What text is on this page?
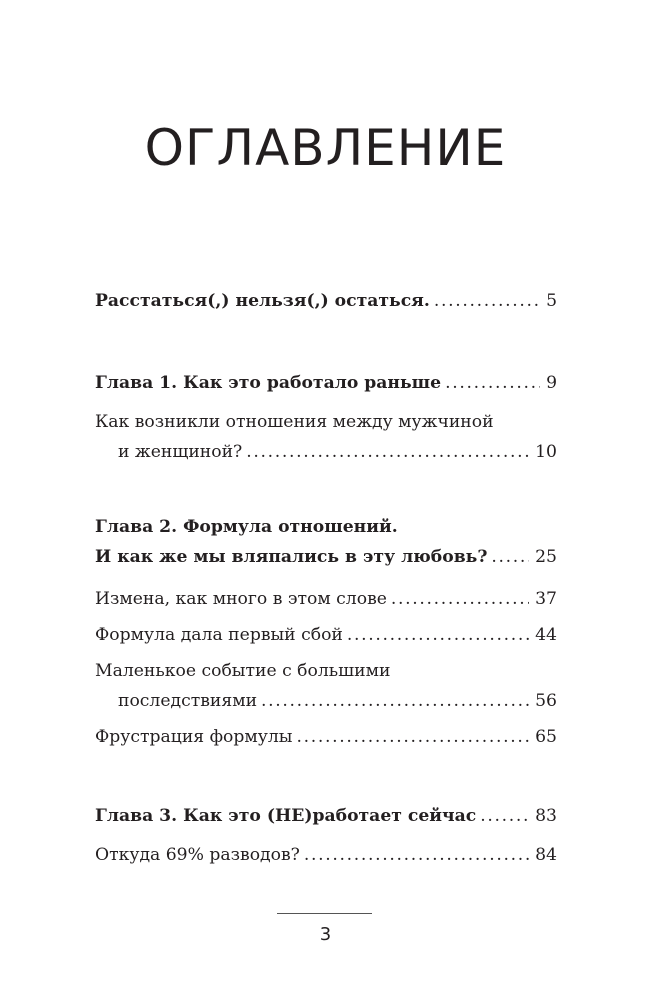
ОГЛАВЛЕНИЕ
Расстаться(,) нельзя(,) остаться. . . .	5
Глава 1. Как это работало раньше . . .	9
Как возникли отношения между мужчиной
и женщиной? . . .	10
Глава 2. Формула отношений.
И как же мы вляпались в эту любовь? . . .	25
Измена, как много в этом слове . . .	37
Формула дала первый сбой . . .	44
Маленькое событие с большими
последствиями . . .	56
Фрустрация формулы . . .	65
Глава 3. Как это (НЕ)работает сейчас . . .	83
Откуда 69% разводов? . . .	84
3
